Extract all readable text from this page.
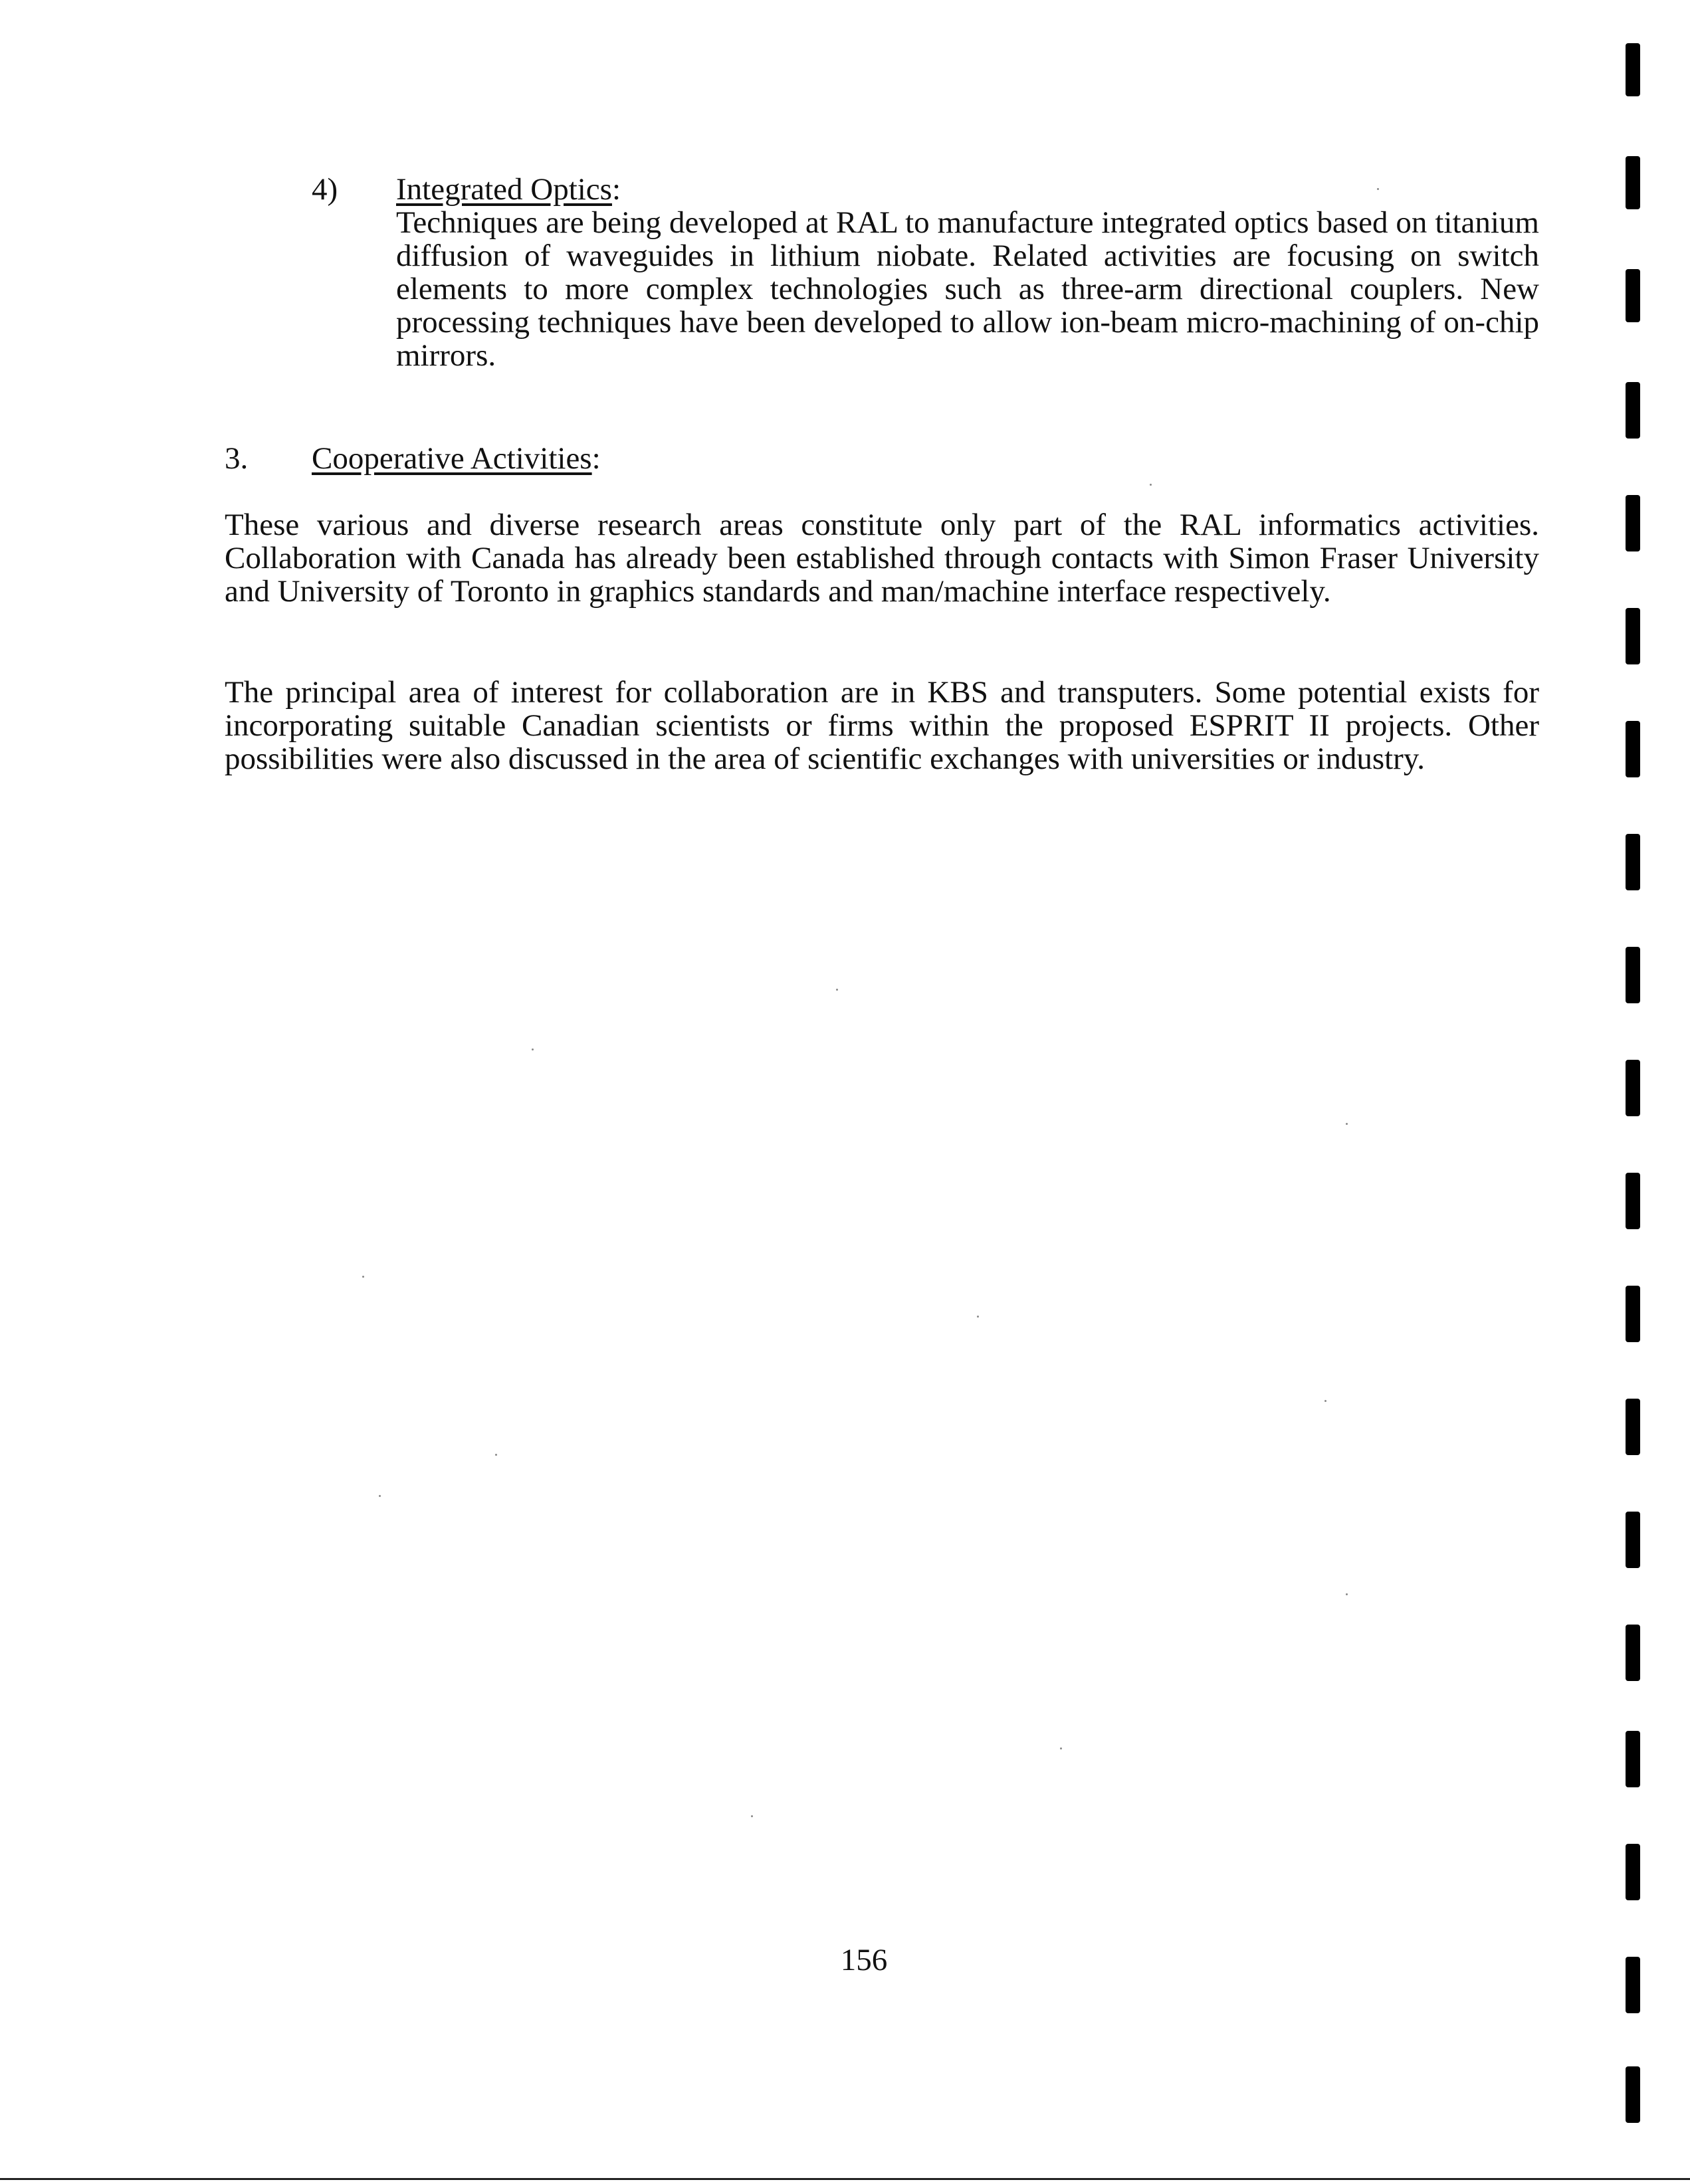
4) Integrated Optics:
Techniques are being developed at RAL to manufacture integrated optics based on titanium diffusion of waveguides in lithium niobate. Related activities are focusing on switch elements to more complex technologies such as three-arm directional couplers. New processing techniques have been developed to allow ion-beam micro-machining of on-chip mirrors.
3. Cooperative Activities:
These various and diverse research areas constitute only part of the RAL informatics activities. Collaboration with Canada has already been established through contacts with Simon Fraser University and University of Toronto in graphics standards and man/machine interface respectively.
The principal area of interest for collaboration are in KBS and transputers. Some potential exists for incorporating suitable Canadian scientists or firms within the proposed ESPRIT II projects. Other possibilities were also discussed in the area of scientific exchanges with universities or industry.
156
